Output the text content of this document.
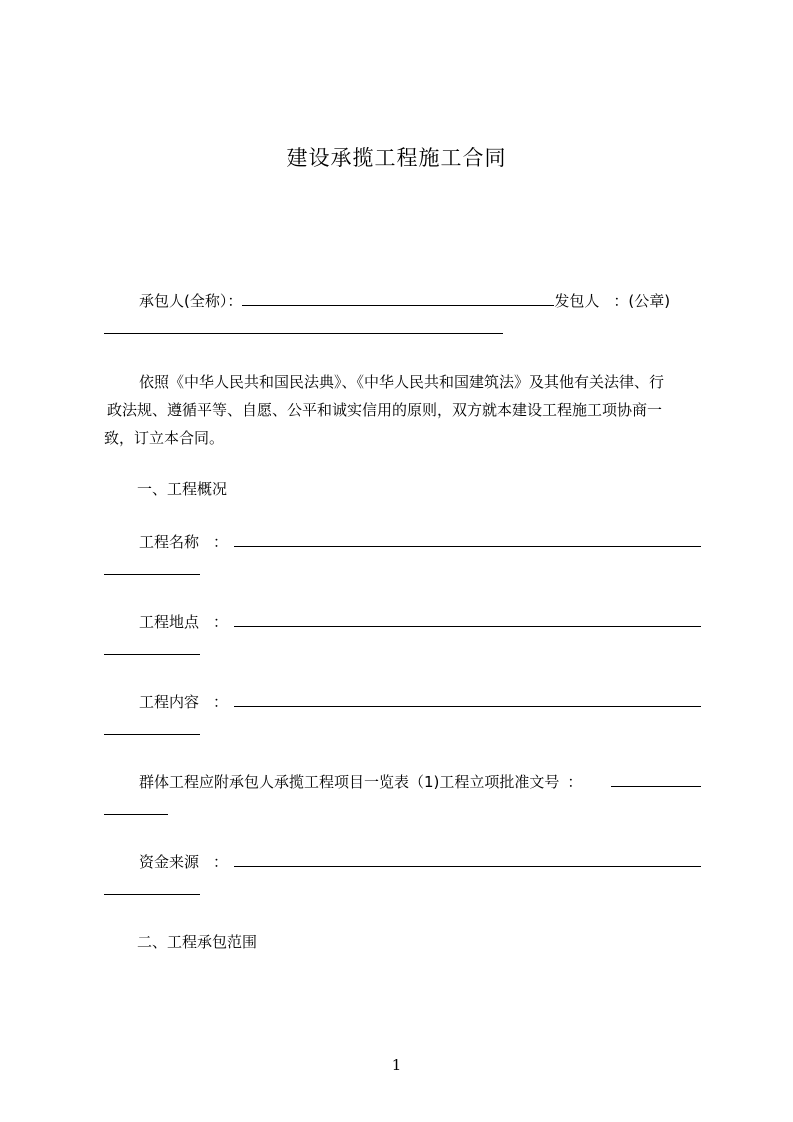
建设承揽工程施工合同
承包人(全称）：	发包人 ：(公章)
依照《中华人民共和国民法典》、《中华人民共和国建筑法》及其他有关法律、行
政法规、遵循平等、自愿、公平和诚实信用的原则，双方就本建设工程施工项协商一
致，订立本合同。
一、工程概况
工程名称 ：
工程地点 ：
工程内容 ：
群体工程应附承包人承揽工程项目一览表（1)工程立项批准文号 ：
资金来源 ：
二、工程承包范围
1
